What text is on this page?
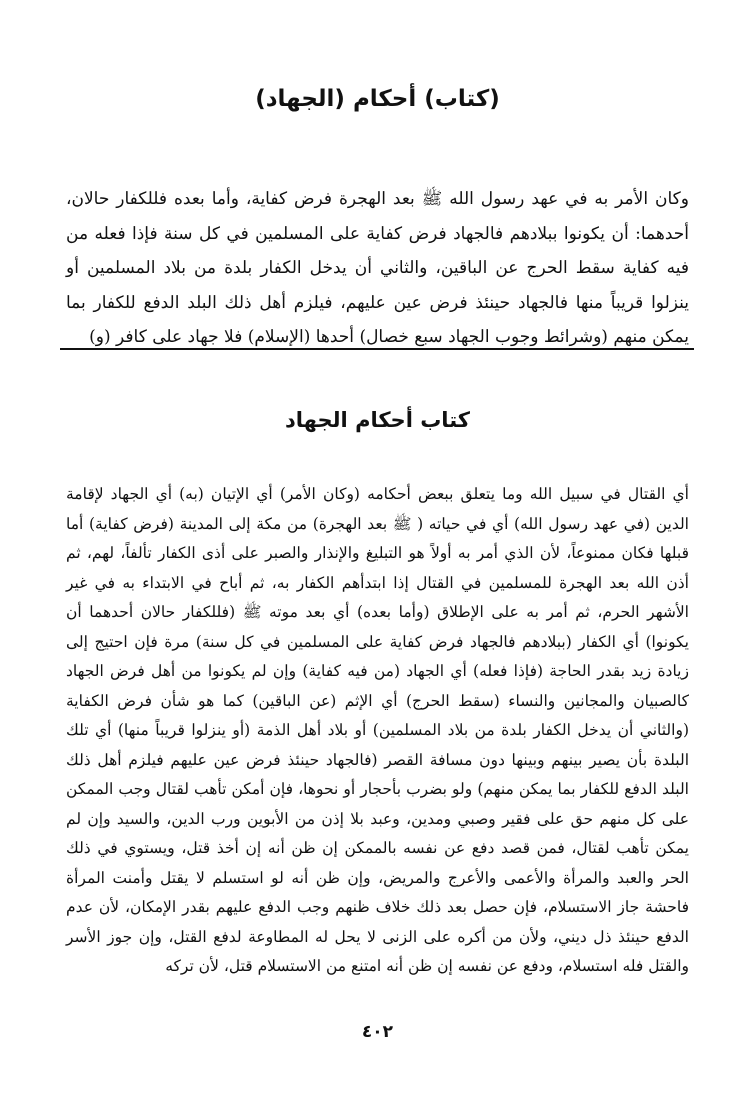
(كتاب) أحكام (الجهاد)
وكان الأمر به في عهد رسول الله ﷺ بعد الهجرة فرض كفاية، وأما بعده فللكفار حالان، أحدهما: أن يكونوا ببلادهم فالجهاد فرض كفاية على المسلمين في كل سنة فإذا فعله من فيه كفاية سقط الحرج عن الباقين، والثاني أن يدخل الكفار بلدة من بلاد المسلمين أو ينزلوا قريباً منها فالجهاد حينئذ فرض عين عليهم، فيلزم أهل ذلك البلد الدفع للكفار بما يمكن منهم (وشرائط وجوب الجهاد سبع خصال) أحدها (الإسلام) فلا جهاد على كافر (و)
كتاب أحكام الجهاد
أي القتال في سبيل الله وما يتعلق ببعض أحكامه (وكان الأمر) أي الإتيان (به) أي الجهاد لإقامة الدين (في عهد رسول الله) أي في حياته ( ﷺ بعد الهجرة) من مكة إلى المدينة (فرض كفاية) أما قبلها فكان ممنوعاً، لأن الذي أمر به أولاً هو التبليغ والإنذار والصبر على أذى الكفار تألفاً، لهم، ثم أذن الله بعد الهجرة للمسلمين في القتال إذا ابتدأهم الكفار به، ثم أباح في الابتداء به في غير الأشهر الحرم، ثم أمر به على الإطلاق (وأما بعده) أي بعد موته ﷺ (فللكفار حالان أحدهما أن يكونوا) أي الكفار (ببلادهم فالجهاد فرض كفاية على المسلمين في كل سنة) مرة فإن احتيج إلى زيادة زيد بقدر الحاجة (فإذا فعله) أي الجهاد (من فيه كفاية) وإن لم يكونوا من أهل فرض الجهاد كالصبيان والمجانين والنساء (سقط الحرج) أي الإثم (عن الباقين) كما هو شأن فرض الكفاية (والثاني أن يدخل الكفار بلدة من بلاد المسلمين) أو بلاد أهل الذمة (أو ينزلوا قريباً منها) أي تلك البلدة بأن يصير بينهم وبينها دون مسافة القصر (فالجهاد حينئذ فرض عين عليهم فيلزم أهل ذلك البلد الدفع للكفار بما يمكن منهم) ولو بضرب بأحجار أو نحوها، فإن أمكن تأهب لقتال وجب الممكن على كل منهم حق على فقير وصبي ومدين، وعبد بلا إذن من الأبوين ورب الدين، والسيد وإن لم يمكن تأهب لقتال، فمن قصد دفع عن نفسه بالممكن إن ظن أنه إن أخذ قتل، ويستوي في ذلك الحر والعبد والمرأة والأعمى والأعرج والمريض، وإن ظن أنه لو استسلم لا يقتل وأمنت المرأة فاحشة جاز الاستسلام، فإن حصل بعد ذلك خلاف ظنهم وجب الدفع عليهم بقدر الإمكان، لأن عدم الدفع حينئذ ذل ديني، ولأن من أكره على الزنى لا يحل له المطاوعة لدفع القتل، وإن جوز الأسر والقتل فله استسلام، ودفع عن نفسه إن ظن أنه امتنع من الاستسلام قتل، لأن تركه
٤٠٢
